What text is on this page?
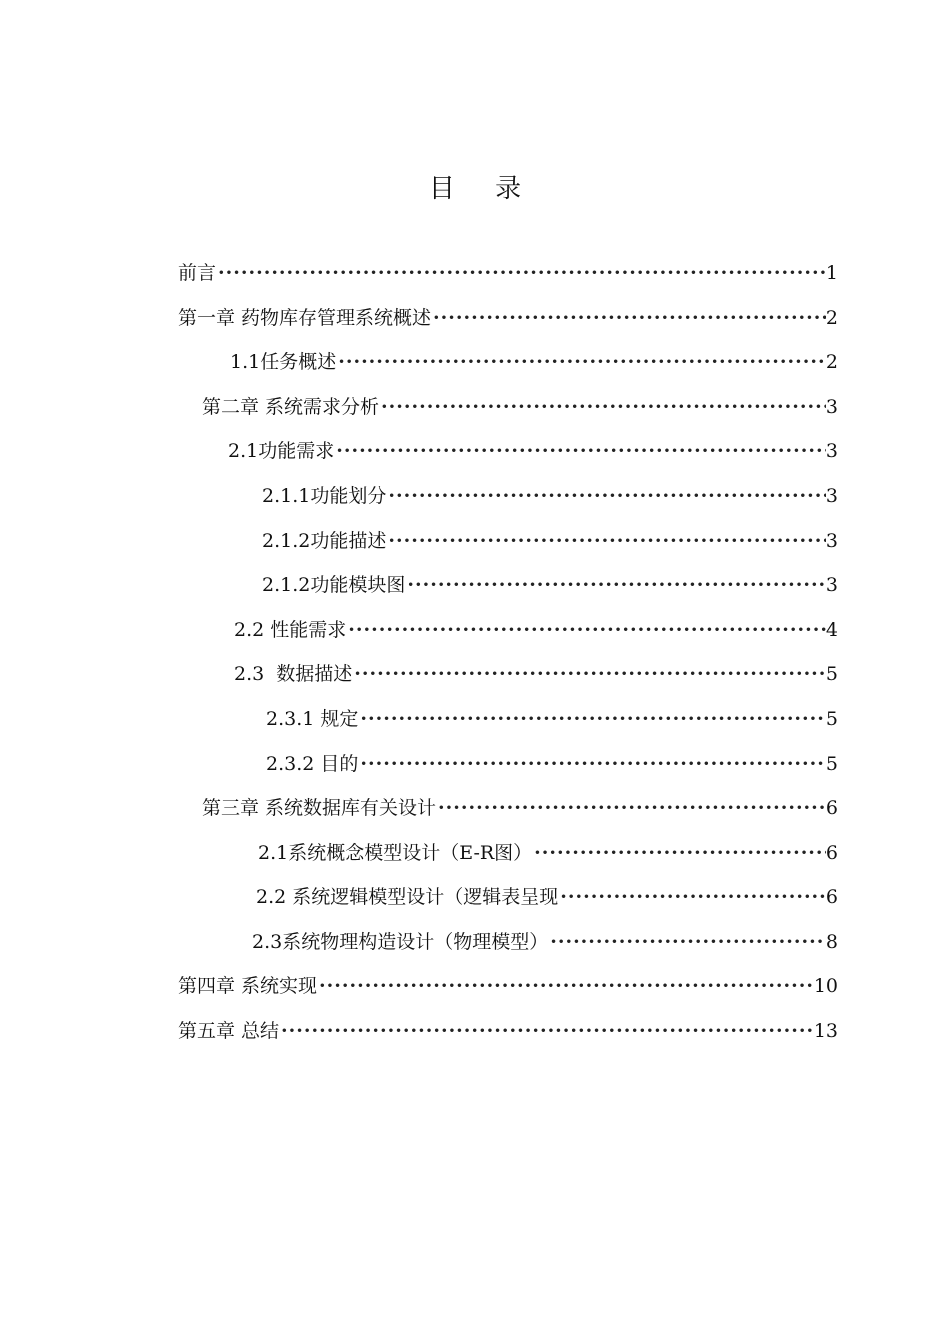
目 录
前言 ·····	1
第一章 药物库存管理系统概述 ·····	2
1.1任务概述 ·····	2
第二章 系统需求分析 ·····	3
2.1功能需求 ·····	3
2.1.1功能划分 ·····	3
2.1.2功能描述 ·····	3
2.1.2功能模块图 ·····	3
2.2 性能需求 ·····	4
2.3  数据描述 ·····	5
2.3.1 规定 ·····	5
2.3.2 目的 ·····	5
第三章 系统数据库有关设计 ·····	6
2.1系统概念模型设计（E-R图） ·····	6
2.2 系统逻辑模型设计（逻辑表呈现 ·····	6
2.3系统物理构造设计（物理模型） ·····	8
第四章 系统实现 ·····	10
第五章 总结 ·····	13
